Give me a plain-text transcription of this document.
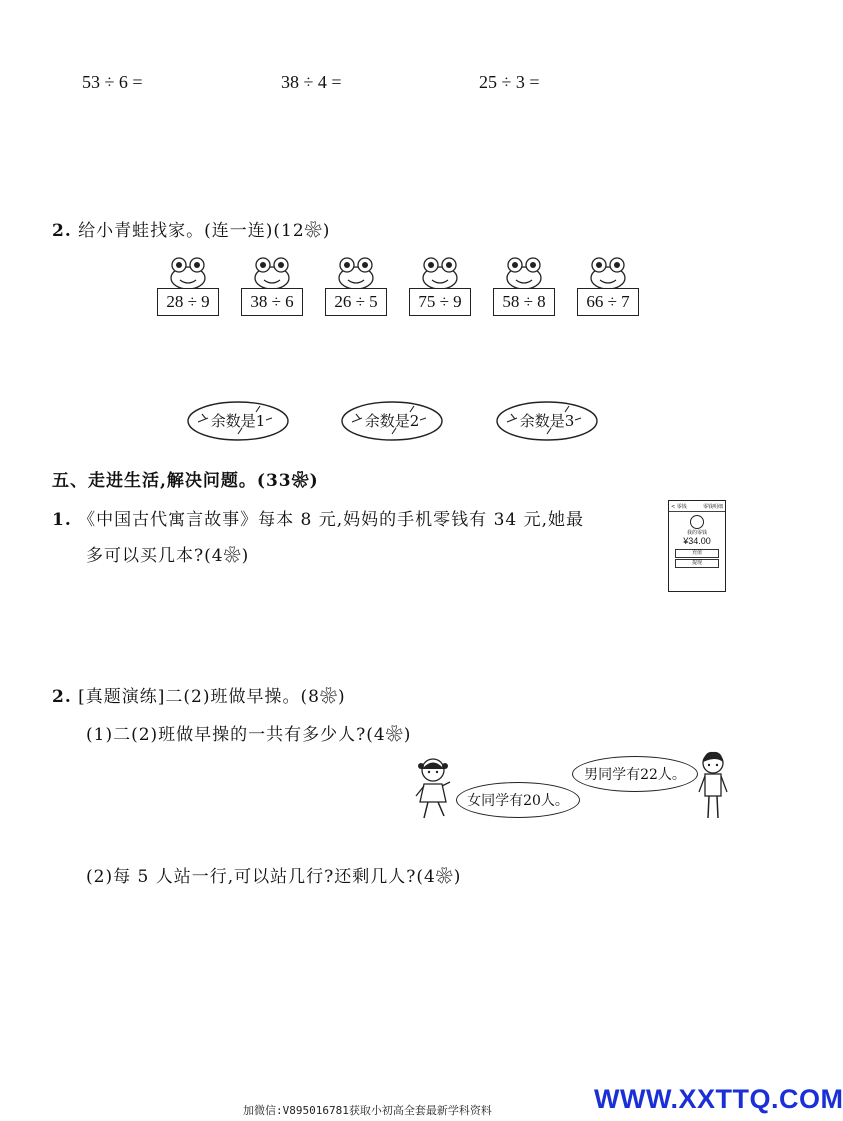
53 ÷ 6 =	38 ÷ 4 =	25 ÷ 3 =
2. 给小青蛙找家。(连一连)(12❀)
28 ÷ 9	38 ÷ 6	26 ÷ 5	75 ÷ 9	58 ÷ 8	66 ÷ 7
余数是1	余数是2	余数是3
五、走进生活,解决问题。(33❀)
1. 《中国古代寓言故事》每本 8 元,妈妈的手机零钱有 34 元,她最
多可以买几本?(4❀)
< 零钱	零钱明细
我的零钱
¥34.00
充值
提现
2. [真题演练]二(2)班做早操。(8❀)
(1)二(2)班做早操的一共有多少人?(4❀)
女同学有20人。
男同学有22人。
(2)每 5 人站一行,可以站几行?还剩几人?(4❀)
加微信:V895016781获取小初高全套最新学科资料	WWW.XXTTQ.COM
